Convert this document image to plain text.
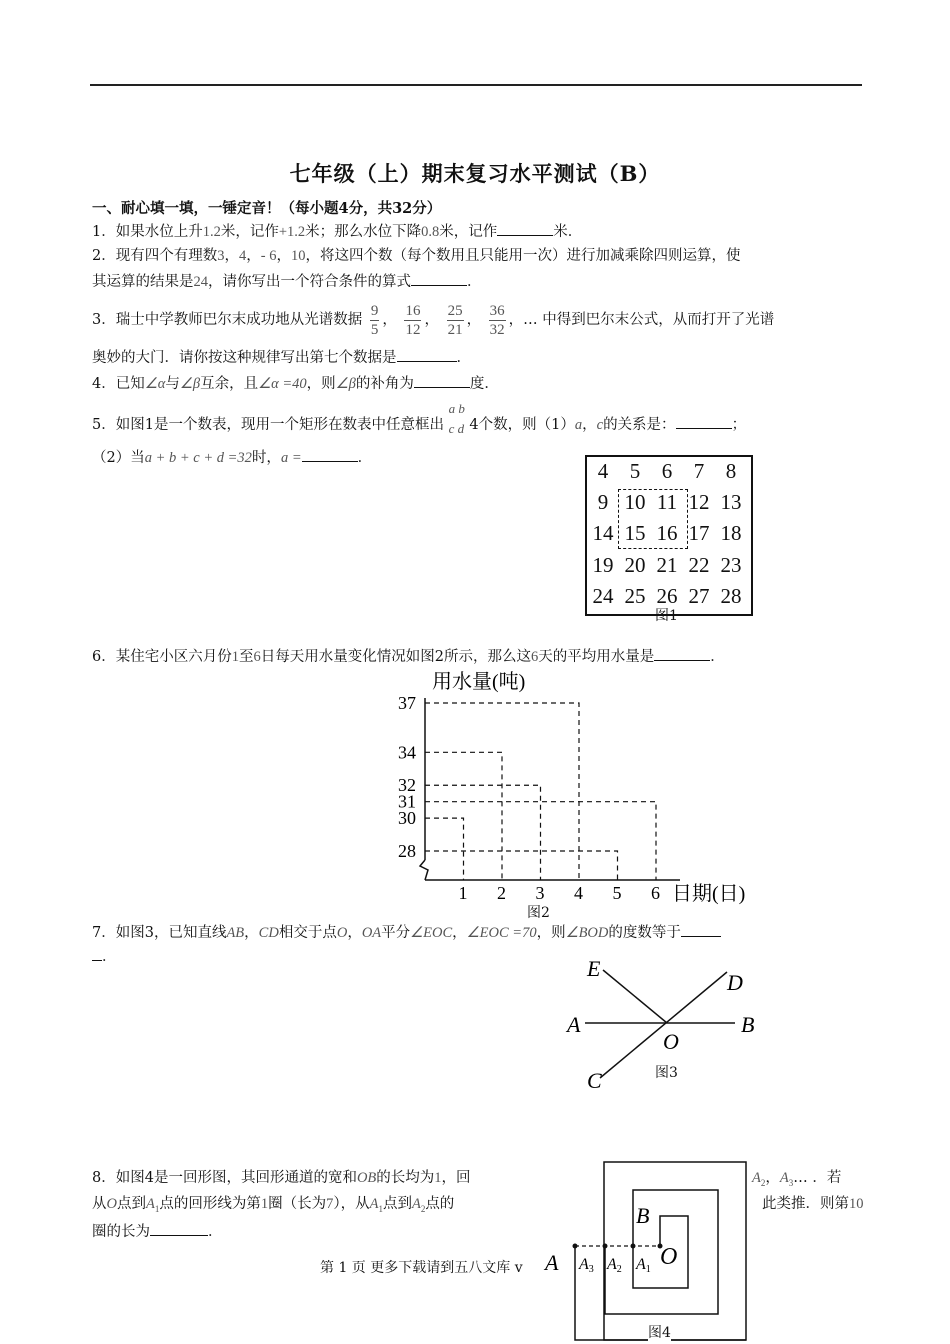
七年级（上）期末复习水平测试（B）
一、耐心填一填，一锤定音！（每小题4分，共32分）
1．如果水位上升1.2米，记作+1.2米；那么水位下降0.8米，记作	米．
2．现有四个有理数3，4，- 6，10，将这四个数（每个数用且只能用一次）进行加减乘除四则运算，使
其运算的结果是24，请你写出一个符合条件的算式	．
3．瑞士中学教师巴尔末成功地从光谱数据 $\frac{9}{5}$ ， $\frac{16}{12}$ ， $\frac{25}{21}$ ， $\frac{36}{32}$ ，… 中得到巴尔末公式，从而打开了光谱
奥妙的大门．请你按这种规律写出第七个数据是	．
4．已知∠α与∠β互余，且∠α =40，则∠β的补角为	度．
5．如图1是一个数表，现用一个矩形在数表中任意框出
a b
c d 4个数，则（1）a，c的关系是：	；
（2）当a + b + c + d =32时，a =	．
4	5	6	7	8
9 10 11 12 13
14 15 16 17 18
19 20 21 22 23
24 25 26 27 28
图1
6．某住宅小区六月份1至6日每天用水量变化情况如图2所示，那么这6天的平均用水量是	．
用水量(吨)
日期(日)
1 2 3 4 5 6
28
30
31
32
34
37
图2
7．如图3，已知直线AB，CD相交于点O，OA平分∠EOC，∠EOC =70，则∠BOD的度数等于
．	E
D
A
O
B
C	图3
8．如图4是一回形图，其回形通道的宽和OB的长均为1，回	$A_2$，$A_3\dots$ ．若
从O点到$A_1$点的回形线为第1圈（长为7），从$A_1$点到$A_2$点的	此类推．则第10
圈的长为	．
B
O
A A3 A2 A1
图4
第 1 页 更多下载请到五八文库 v
